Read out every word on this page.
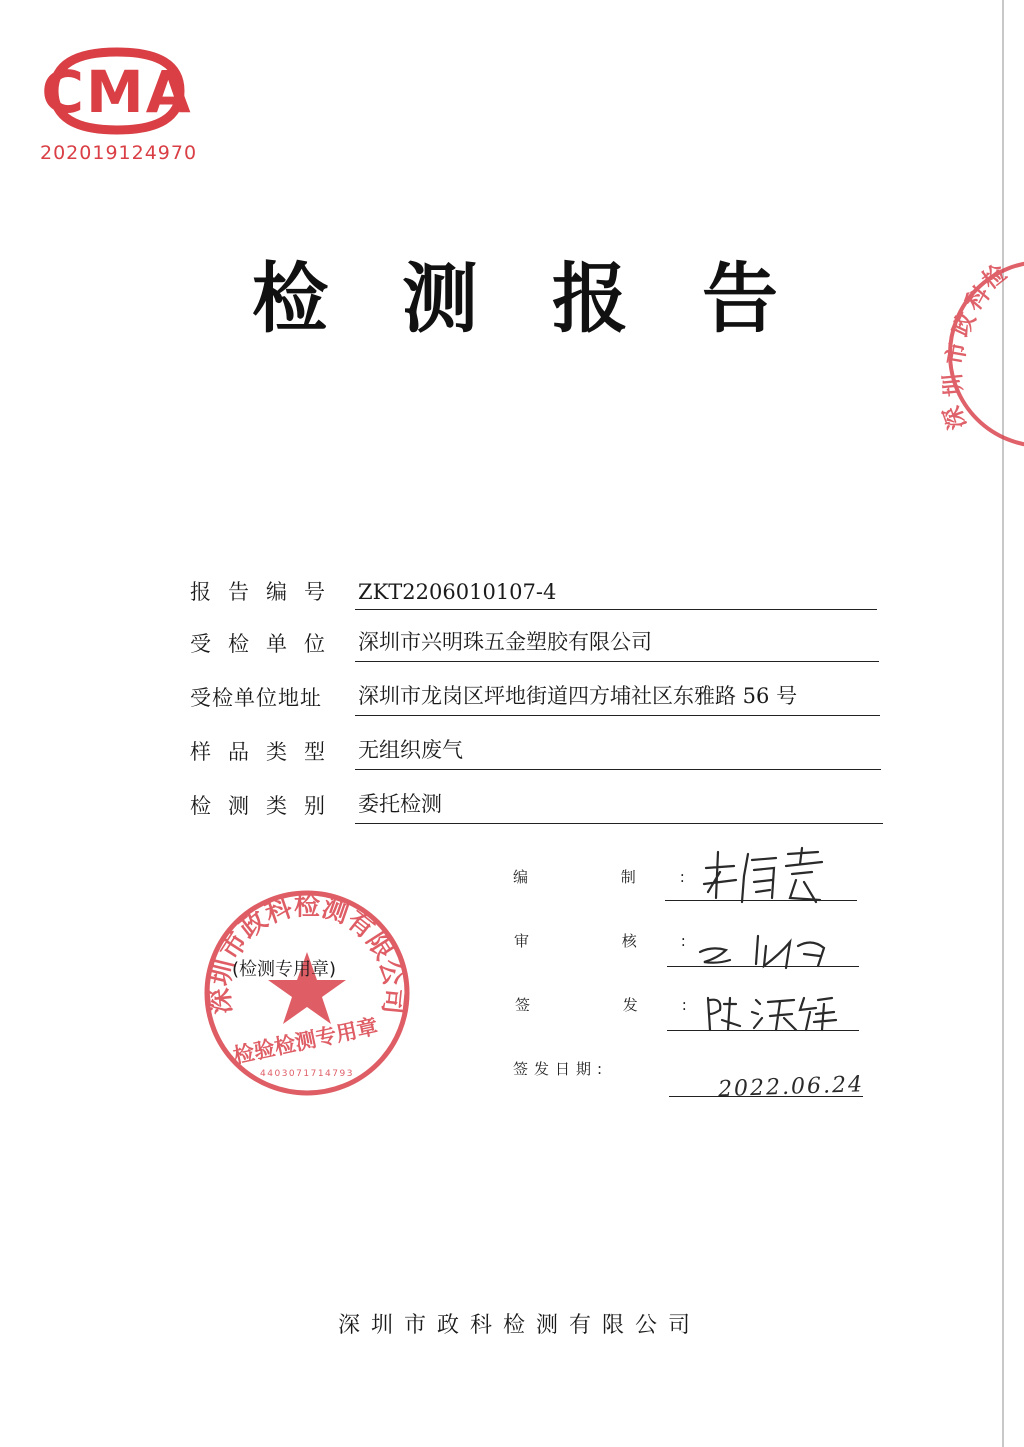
CMA
202019124970
检测报告
报告编号 ZKT2206010107-4
受检单位 深圳市兴明珠五金塑胶有限公司
受检单位地址 深圳市龙岗区坪地街道四方埔社区东雅路 56 号
样品类型 无组织废气
检测类别 委托检测
编 制:
审 核:
签 发:
签发日期:
2022.06.24
深圳市政科检测有限公司
检验检测专用章
4403071714793
(检测专用章)
深
圳
市
政
科
检
深圳市政科检测有限公司
